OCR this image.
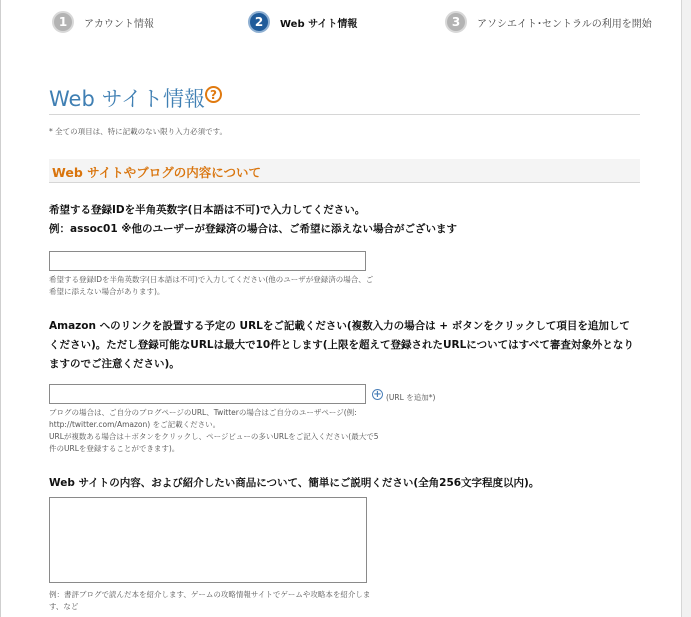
1	アカウント情報	2	Web サイト情報	3	アソシエイト･セントラルの利用を開始
Web サイト情報 ?
* 全ての項目は、特に記載のない限り入力必須です。
Web サイトやブログの内容について
希望する登録IDを半角英数字(日本語は不可)で入力してください。
例：assoc01 ※他のユーザーが登録済の場合は、ご希望に添えない場合がございます
希望する登録IDを半角英数字(日本語は不可)で入力してください(他のユーザが登録済の場合、ご希望に添えない場合があります)。
Amazon へのリンクを設置する予定の URLをご記載ください(複数入力の場合は + ボタンをクリックして項目を追加してください)。ただし登録可能なURLは最大で10件とします(上限を超えて登録されたURLについてはすべて審査対象外となりますのでご注意ください)。
+ (URL を追加*)
ブログの場合は、ご自分のブログページのURL、Twitterの場合はご自分のユーザページ(例: http://twitter.com/Amazon) をご記載ください。
URLが複数ある場合は＋ボタンをクリックし、ページビューの多いURLをご記入ください(最大で5件のURLを登録することができます)。
Web サイトの内容、および紹介したい商品について、簡単にご説明ください(全角256文字程度以内)。
例：書評ブログで読んだ本を紹介します、ゲームの攻略情報サイトでゲームや攻略本を紹介します、など
